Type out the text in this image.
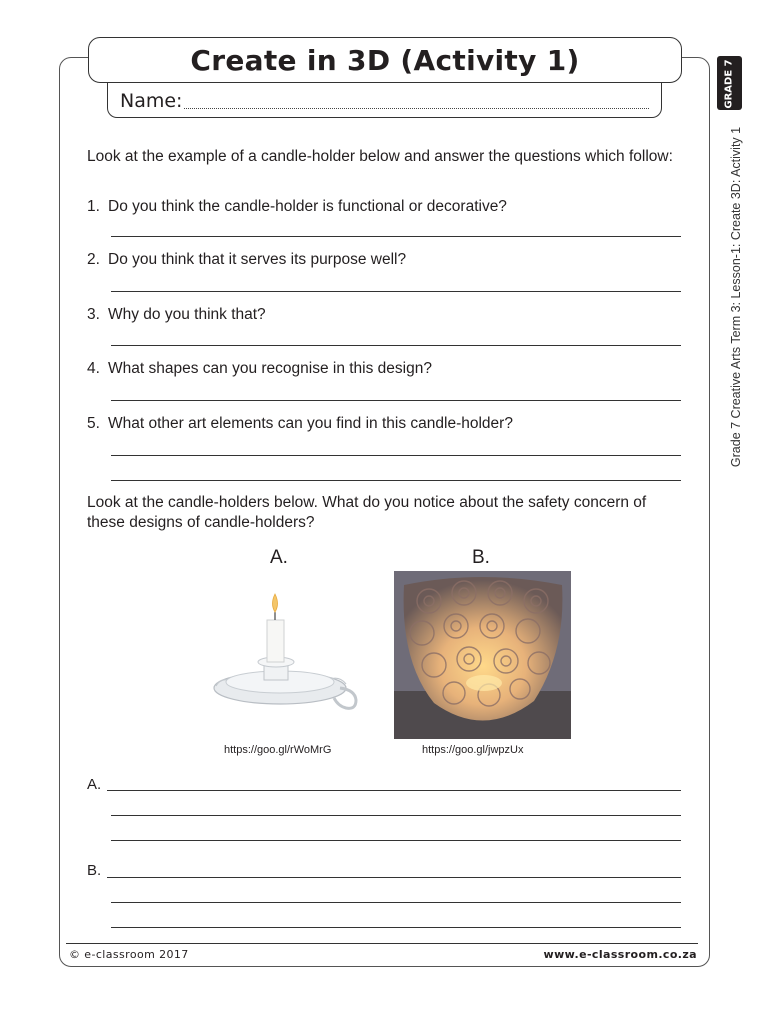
Create in 3D (Activity 1)
Name:	GRADE 7
Grade 7 Creative Arts Term 3: Lesson-1: Create 3D: Activity 1
Look at the example of a candle-holder below and answer the questions which follow:
1. Do you think the candle-holder is functional or decorative?
2. Do you think that it serves its purpose well?
3. Why do you think that?
4. What shapes can you recognise in this design?
5. What other art elements can you find in this candle-holder?
Look at the candle-holders below. What do you notice about the safety concern of these designs of candle-holders?
A.	B.
https://goo.gl/rWoMrG	https://goo.gl/jwpzUx
A.
B.
© e-classroom 2017	www.e-classroom.co.za
